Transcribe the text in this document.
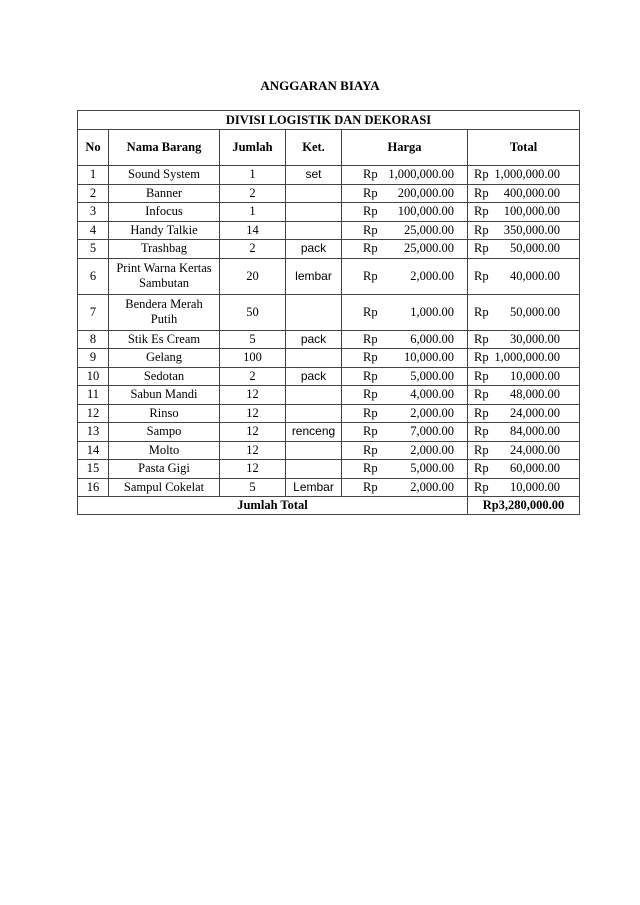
ANGGARAN BIAYA
DIVISI LOGISTIK DAN DEKORASI					
No	Nama Barang	Jumlah	Ket.	Harga	Total
1	Sound System	1	set	Rp 1,000,000.00	Rp 1,000,000.00

2	Banner	2		Rp 200,000.00	Rp 400,000.00

3	Infocus	1		Rp 100,000.00	Rp 100,000.00

4	Handy Talkie	14		Rp 25,000.00	Rp 350,000.00

5	Trashbag	2	pack	Rp 25,000.00	Rp 50,000.00

6	Print Warna Kertas Sambutan	20	lembar	Rp 2,000.00	Rp 40,000.00

7	Bendera Merah Putih	50		Rp 1,000.00	Rp 50,000.00

8	Stik Es Cream	5	pack	Rp 6,000.00	Rp 30,000.00

9	Gelang	100		Rp 10,000.00	Rp 1,000,000.00

10	Sedotan	2	pack	Rp 5,000.00	Rp 10,000.00

11	Sabun Mandi	12		Rp 4,000.00	Rp 48,000.00

12	Rinso	12		Rp 2,000.00	Rp 24,000.00

13	Sampo	12	renceng	Rp 7,000.00	Rp 84,000.00

14	Molto	12		Rp 2,000.00	Rp 24,000.00

15	Pasta Gigi	12		Rp 5,000.00	Rp 60,000.00

16	Sampul Cokelat	5	Lembar	Rp 2,000.00	Rp 10,000.00

Jumlah Total					Rp3,280,000.00
